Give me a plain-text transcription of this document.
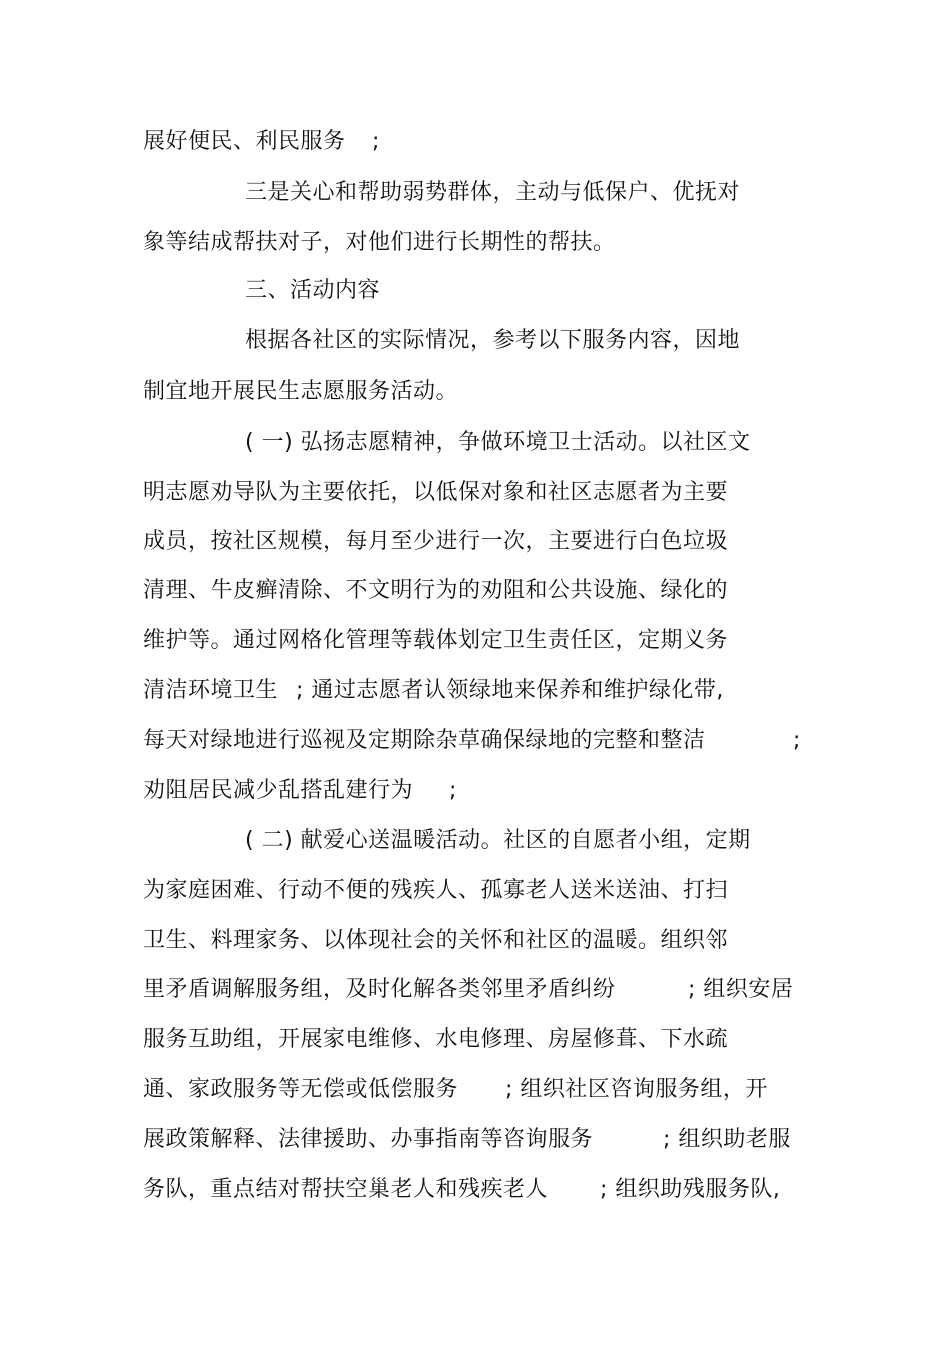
展好便民、利民服务 ;
三是关心和帮助弱势群体，主动与低保户、优抚对
象等结成帮扶对子，对他们进行长期性的帮扶。
三、活动内容
根据各社区的实际情况，参考以下服务内容，因地
制宜地开展民生志愿服务活动。
( 一) 弘扬志愿精神，争做环境卫士活动。以社区文
明志愿劝导队为主要依托，以低保对象和社区志愿者为主要
成员，按社区规模，每月至少进行一次，主要进行白色垃圾
清理、牛皮癣清除、不文明行为的劝阻和公共设施、绿化的
维护等。通过网格化管理等载体划定卫生责任区，定期义务
清洁环境卫生 ; 通过志愿者认领绿地来保养和维护绿化带,
每天对绿地进行巡视及定期除杂草确保绿地的完整和整洁	;
劝阻居民减少乱搭乱建行为 ;
( 二) 献爱心送温暖活动。社区的自愿者小组，定期
为家庭困难、行动不便的残疾人、孤寡老人送米送油、打扫
卫生、料理家务、以体现社会的关怀和社区的温暖。组织邻
里矛盾调解服务组，及时化解各类邻里矛盾纠纷	; 组织安居
服务互助组，开展家电维修、水电修理、房屋修葺、下水疏
通、家政服务等无偿或低偿服务 ; 组织社区咨询服务组，开
展政策解释、法律援助、办事指南等咨询服务	; 组织助老服
务队，重点结对帮扶空巢老人和残疾老人 ; 组织助残服务队,
